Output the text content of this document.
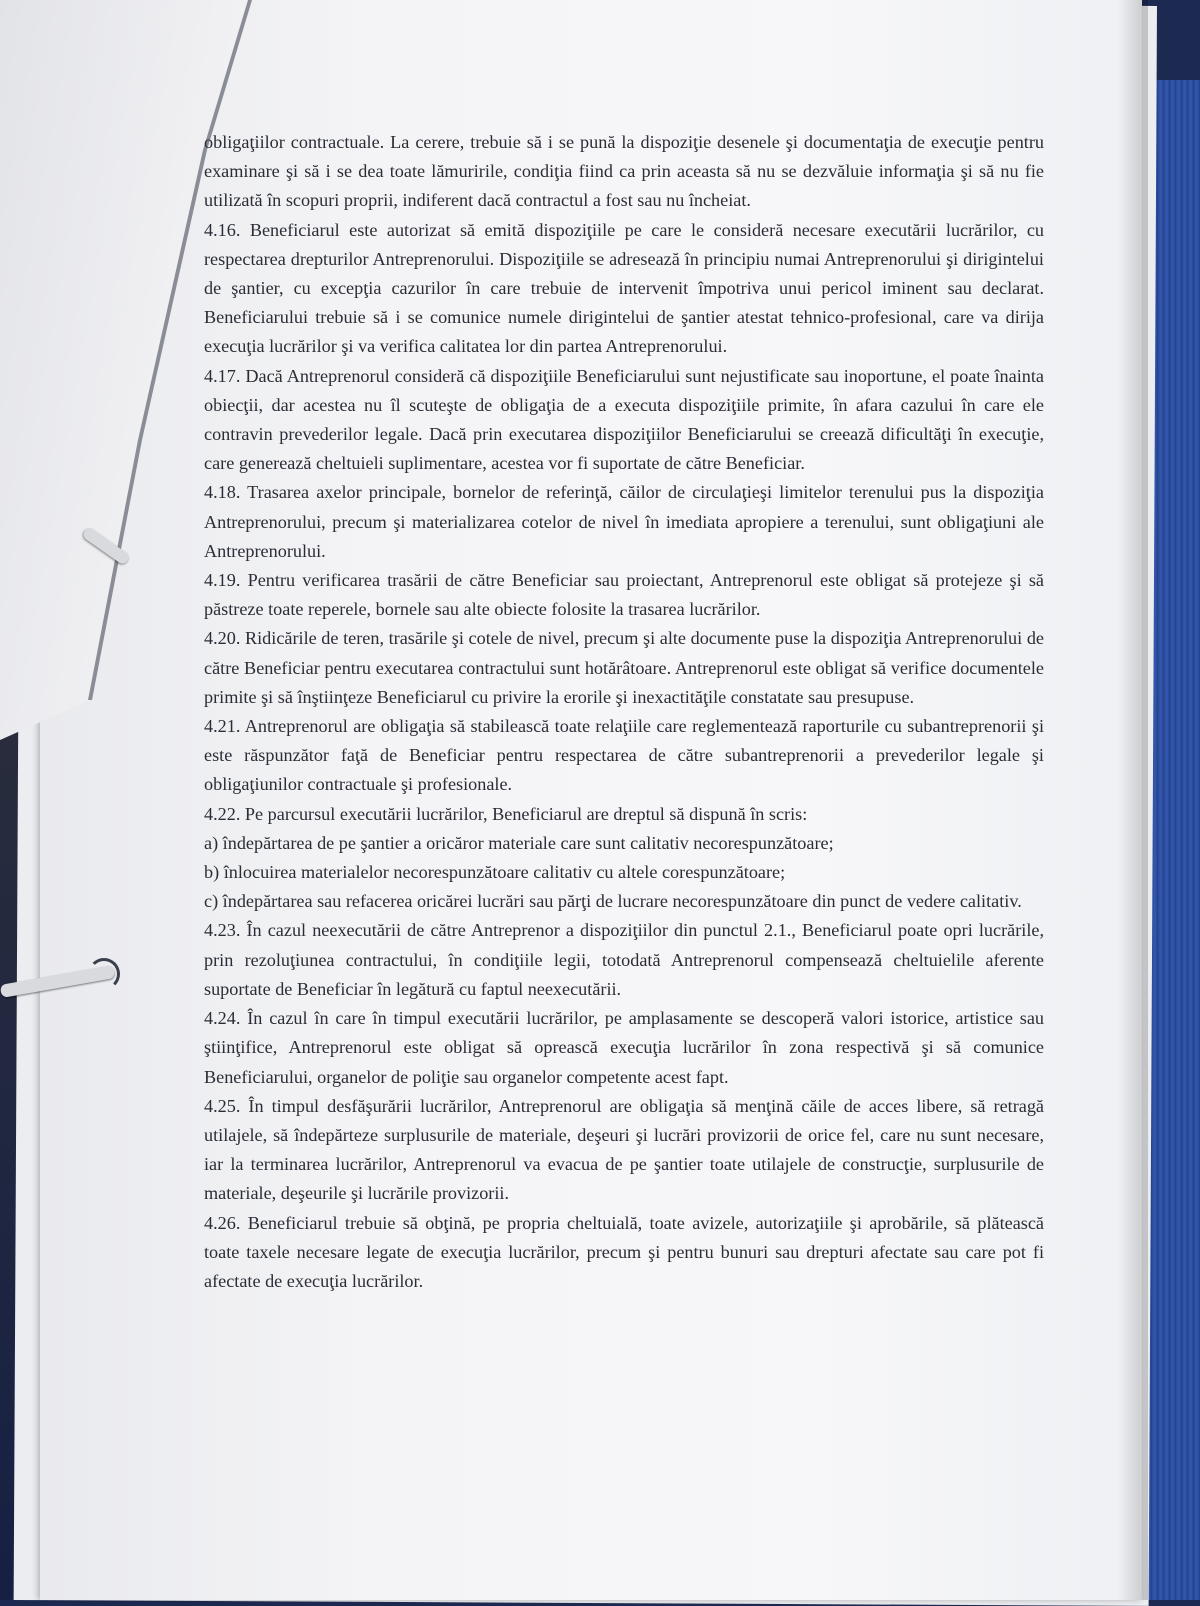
obligaţiilor contractuale. La cerere, trebuie să i se pună la dispoziţie desenele şi documentaţia de execuţie pentru examinare şi să i se dea toate lămuririle, condiţia fiind ca prin aceasta să nu se dezvăluie informaţia şi să nu fie utilizată în scopuri proprii, indiferent dacă contractul a fost sau nu încheiat.

4.16. Beneficiarul este autorizat să emită dispoziţiile pe care le consideră necesare executării lucrărilor, cu respectarea drepturilor Antreprenorului. Dispoziţiile se adresează în principiu numai Antreprenorului şi dirigintelui de şantier, cu excepţia cazurilor în care trebuie de intervenit împotriva unui pericol iminent sau declarat. Beneficiarului trebuie să i se comunice numele dirigintelui de şantier atestat tehnico-profesional, care va dirija execuţia lucrărilor şi va verifica calitatea lor din partea Antreprenorului.

4.17. Dacă Antreprenorul consideră că dispoziţiile Beneficiarului sunt nejustificate sau inoportune, el poate înainta obiecţii, dar acestea nu îl scuteşte de obligaţia de a executa dispoziţiile primite, în afara cazului în care ele contravin prevederilor legale. Dacă prin executarea dispoziţiilor Beneficiarului se creează dificultăţi în execuţie, care generează cheltuieli suplimentare, acestea vor fi suportate de către Beneficiar.

4.18. Trasarea axelor principale, bornelor de referinţă, căilor de circulaţieşi limitelor terenului pus la dispoziţia Antreprenorului, precum şi materializarea cotelor de nivel în imediata apropiere a terenului, sunt obligaţiuni ale Antreprenorului.

4.19. Pentru verificarea trasării de către Beneficiar sau proiectant, Antreprenorul este obligat să protejeze şi să păstreze toate reperele, bornele sau alte obiecte folosite la trasarea lucrărilor.

4.20. Ridicările de teren, trasările şi cotele de nivel, precum şi alte documente puse la dispoziţia Antreprenorului de către Beneficiar pentru executarea contractului sunt hotărâtoare. Antreprenorul este obligat să verifice documentele primite şi să înştiinţeze Beneficiarul cu privire la erorile şi inexactităţile constatate sau presupuse.

4.21. Antreprenorul are obligaţia să stabilească toate relaţiile care reglementează raporturile cu subantreprenorii şi este răspunzător faţă de Beneficiar pentru respectarea de către subantreprenorii a prevederilor legale şi obligaţiunilor contractuale şi profesionale.

4.22. Pe parcursul executării lucrărilor, Beneficiarul are dreptul să dispună în scris:

a) îndepărtarea de pe şantier a oricăror materiale care sunt calitativ necorespunzătoare;

b) înlocuirea materialelor necorespunzătoare calitativ cu altele corespunzătoare;

c) îndepărtarea sau refacerea oricărei lucrări sau părţi de lucrare necorespunzătoare din punct de vedere calitativ.

4.23. În cazul neexecutării de către Antreprenor a dispoziţiilor din punctul 2.1., Beneficiarul poate opri lucrările, prin rezoluţiunea contractului, în condiţiile legii, totodată Antreprenorul compensează cheltuielile aferente suportate de Beneficiar în legătură cu faptul neexecutării.

4.24. În cazul în care în timpul executării lucrărilor, pe amplasamente se descoperă valori istorice, artistice sau ştiinţifice, Antreprenorul este obligat să oprească execuţia lucrărilor în zona respectivă şi să comunice Beneficiarului, organelor de poliţie sau organelor competente acest fapt.

4.25. În timpul desfăşurării lucrărilor, Antreprenorul are obligaţia să menţină căile de acces libere, să retragă utilajele, să îndepărteze surplusurile de materiale, deşeuri şi lucrări provizorii de orice fel, care nu sunt necesare, iar la terminarea lucrărilor, Antreprenorul va evacua de pe şantier toate utilajele de construcţie, surplusurile de materiale, deşeurile şi lucrările provizorii.

4.26. Beneficiarul trebuie să obţină, pe propria cheltuială, toate avizele, autorizaţiile şi aprobările, să plătească toate taxele necesare legate de execuţia lucrărilor, precum şi pentru bunuri sau drepturi afectate sau care pot fi afectate de execuţia lucrărilor.
